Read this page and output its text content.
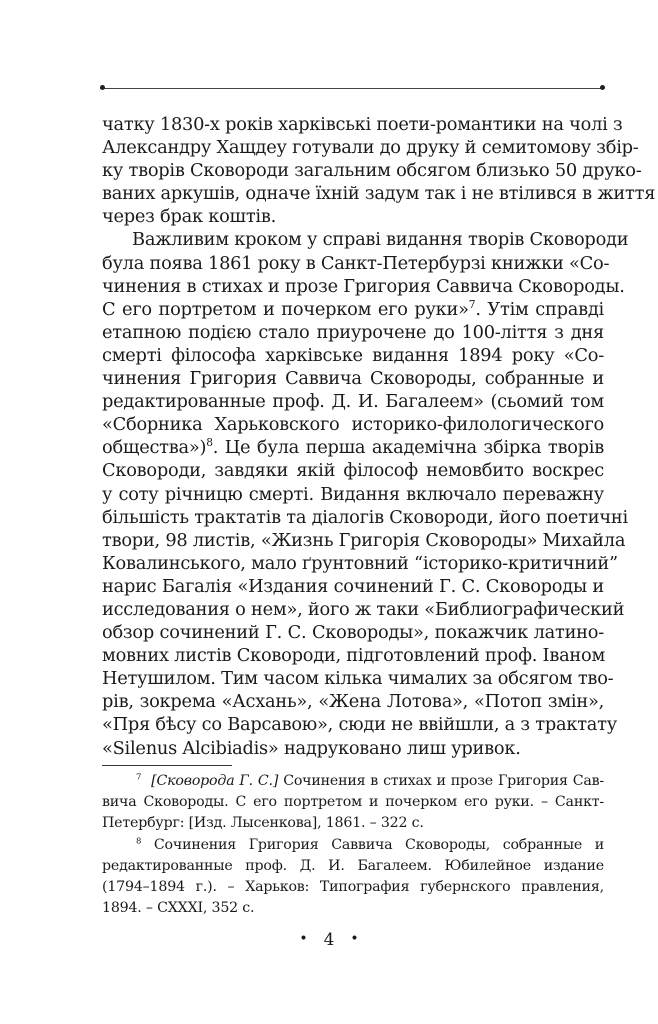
чатку 1830-х років харківські поети-романтики на чолі з
Александру Хащдеу готували до друку й семитомову збір-
ку творів Сковороди загальним обсягом близько 50 друко-
ваних аркушів, одначе їхній задум так і не втілився в життя
через брак коштів.

Важливим кроком у справі видання творів Сковороди
була поява 1861 року в Санкт-Петербурзі книжки «Со-
чинения в стихах и прозе Григория Саввича Сковороды.
С его портретом и почерком его руки»$^7$. Утім справді
етапною подією стало приурочене до 100-ліття з дня
смерті філософа харківське видання 1894 року «Со-
чинения Григория Саввича Сковороды, собранные и
редактированные проф. Д. И. Багалеем» (сьомий том
«Сборника Харьковского историко-филологического
общества»)$^8$. Це була перша академічна збірка творів
Сковороди, завдяки якій філософ немовбито воскрес
у соту річницю смерті. Видання включало переважну
більшість трактатів та діалогів Сковороди, його поетичні
твори, 98 листів, «Жизнь Григорія Сковороды» Михайла
Ковалинського, мало ґрунтовний “історико-критичний”
нарис Багалія «Издания сочинений Г. С. Сковороды и
исследования о нем», його ж таки «Библиографический
обзор сочинений Г. С. Сковороды», покажчик латино-
мовних листів Сковороди, підготовлений проф. Іваном
Нетушилом. Тим часом кілька чималих за обсягом тво-
рів, зокрема «Асхань», «Жена Лотова», «Потоп змін»,
«Пря бѣсу со Варсавою», сюди не ввійшли, а з трактату
«Silenus Alcibiadis» надруковано лиш уривок.

$^7$ [Сковорода Г. С.] Сочинения в стихах и прозе Григория Сав-
вича Сковороды. С его портретом и почерком его руки. – Санкт-
Петербург: [Изд. Лысенкова], 1861. – 322 с.
$^8$ Сочинения Григория Саввича Сковороды, собранные и
редактированные проф. Д. И. Багалеем. Юбилейное издание
(1794–1894 г.). – Харьков: Типография губернского правления,
1894. – CXXXI, 352 с.
• 4 •
